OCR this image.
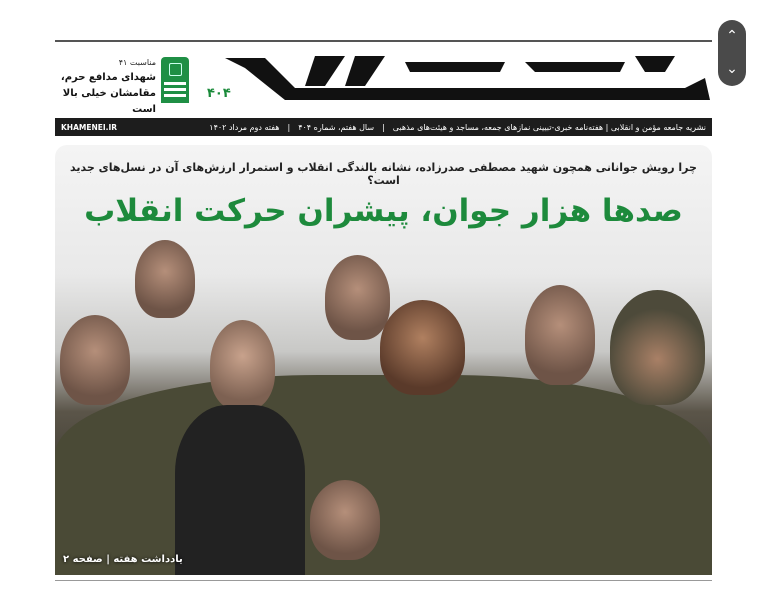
۴۰۴
مناسبت ۴۱
شهدای مدافع حرم،
مقامشان خیلی بالا است
نشریه جامعه مؤمن و انقلابی | هفته‌نامه خبری-تبیینی نمازهای جمعه، مساجد و هیئت‌های مذهبی
|
سال هفتم، شماره ۴۰۴
|
هفته دوم مرداد ۱۴۰۲
KHAMENEI.IR
چرا رویش جوانانی همچون شهید مصطفی صدرزاده، نشانه بالندگی انقلاب و استمرار ارزش‌های آن در نسل‌های جدید است؟
صدها هزار جوان، پیشران حرکت انقلاب
یادداشت هفته | صفحه ۲
⌃
⌄
